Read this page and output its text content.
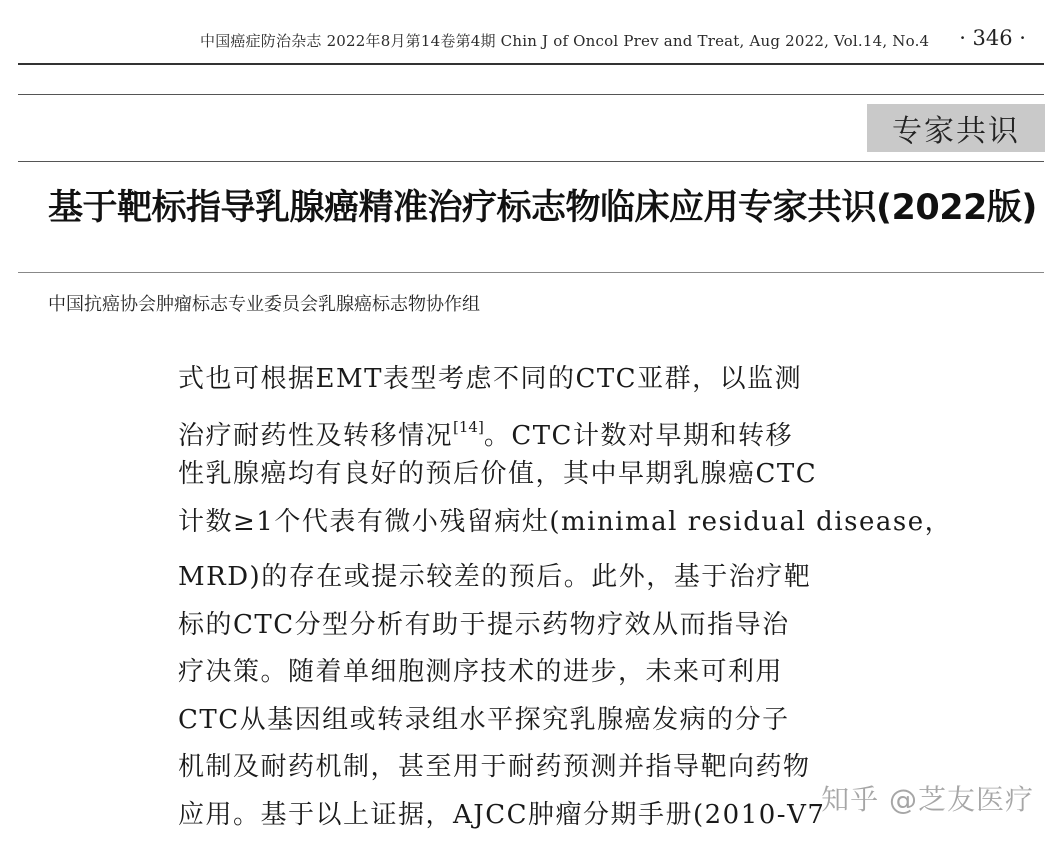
中国癌症防治杂志 2022年8月第14卷第4期 Chin J of Oncol Prev and Treat, Aug 2022, Vol.14, No.4 · 346 ·
专家共识
基于靶标指导乳腺癌精准治疗标志物临床应用专家共识(2022版)
中国抗癌协会肿瘤标志专业委员会乳腺癌标志物协作组
式也可根据EMT表型考虑不同的CTC亚群，以监测
治疗耐药性及转移情况[14]。CTC计数对早期和转移
性乳腺癌均有良好的预后价值，其中早期乳腺癌CTC
计数≥1个代表有微小残留病灶(minimal residual disease，
MRD)的存在或提示较差的预后。此外，基于治疗靶
标的CTC分型分析有助于提示药物疗效从而指导治
疗决策。随着单细胞测序技术的进步，未来可利用
CTC从基因组或转录组水平探究乳腺癌发病的分子
机制及耐药机制，甚至用于耐药预测并指导靶向药物
应用。基于以上证据，AJCC肿瘤分期手册(2010-V7
知乎 @芝友医疗
